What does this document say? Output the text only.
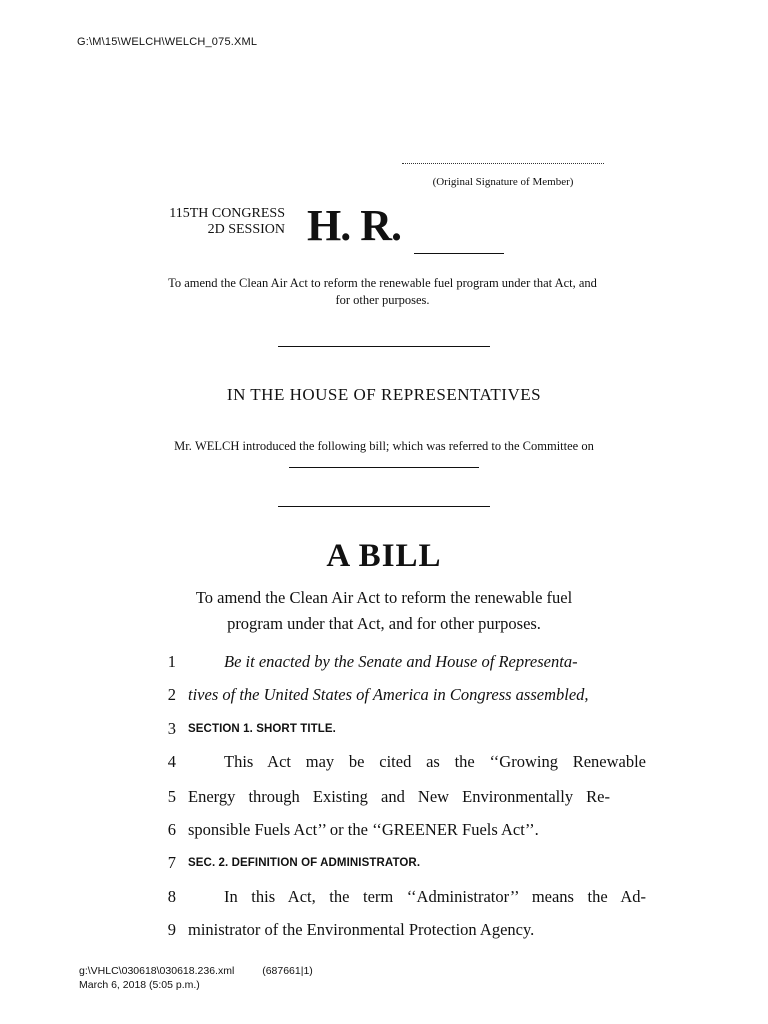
G:\M\15\WELCH\WELCH_075.XML
(Original Signature of Member)
115TH CONGRESS
2D SESSION H. R.
To amend the Clean Air Act to reform the renewable fuel program under that Act, and for other purposes.
IN THE HOUSE OF REPRESENTATIVES
Mr. WELCH introduced the following bill; which was referred to the Committee on
A BILL
To amend the Clean Air Act to reform the renewable fuel
program under that Act, and for other purposes.
1	Be it enacted by the Senate and House of Representa-
2 tives of the United States of America in Congress assembled,
3 SECTION 1. SHORT TITLE.
4	This Act may be cited as the ‘‘Growing Renewable
5 Energy through Existing and New Environmentally Re-
6 sponsible Fuels Act’’ or the ‘‘GREENER Fuels Act’’.
7 SEC. 2. DEFINITION OF ADMINISTRATOR.
8	In this Act, the term ‘‘Administrator’’ means the Ad-
9 ministrator of the Environmental Protection Agency.
g:\VHLC\030618\030618.236.xml	(687661|1)
March 6, 2018 (5:05 p.m.)
